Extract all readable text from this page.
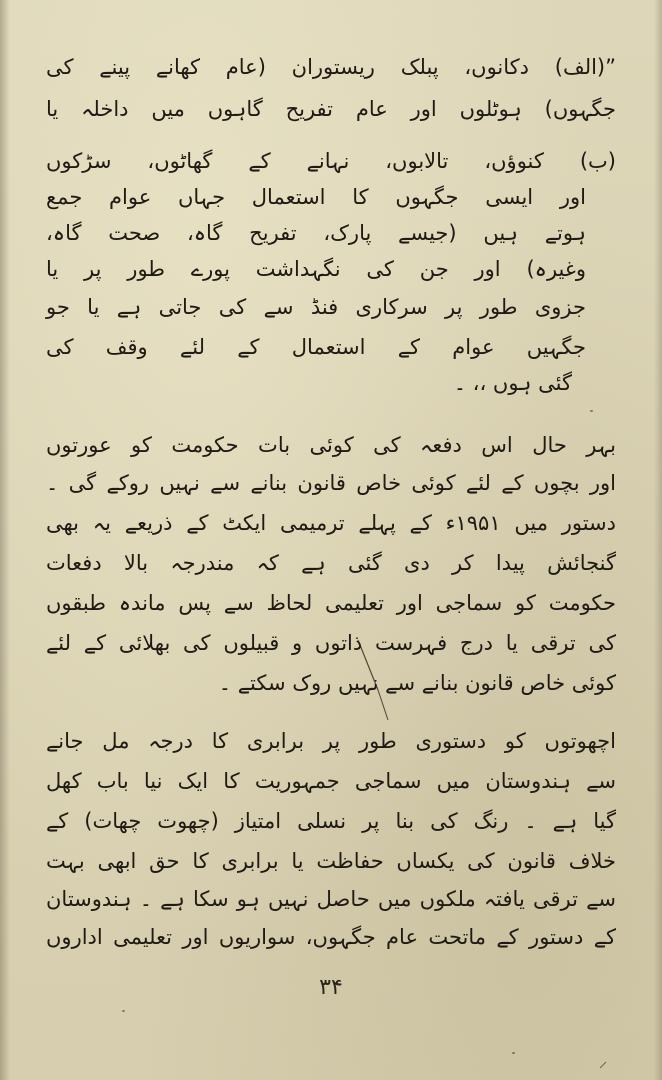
”(الف) دکانوں، پبلک ریستوران (عام کھانے پینے کی
جگہوں) ہوٹلوں اور عام تفریح گاہوں میں داخلہ یا
(ب) کنوؤں، تالابوں، نہانے کے گھاٹوں، سڑکوں
اور ایسی جگہوں کا استعمال جہاں عوام جمع
ہوتے ہیں (جیسے پارک، تفریح گاہ، صحت گاہ،
وغیرہ) اور جن کی نگہداشت پورے طور پر یا
جزوی طور پر سرکاری فنڈ سے کی جاتی ہے یا جو
جگہیں عوام کے استعمال کے لئے وقف کی
گئی ہوں ،، ۔
بہر حال اس دفعہ کی کوئی بات حکومت کو عورتوں
اور بچوں کے لئے کوئی خاص قانون بنانے سے نہیں روکے گی ۔
دستور میں ۱۹۵۱ء کے پہلے ترمیمی ایکٹ کے ذریعے یہ بھی
گنجائش پیدا کر دی گئی ہے کہ مندرجہ بالا دفعات
حکومت کو سماجی اور تعلیمی لحاظ سے پس ماندہ طبقوں
کی ترقی یا درج فہرست ذاتوں و قبیلوں کی بھلائی کے لئے
کوئی خاص قانون بنانے سے نہیں روک سکتے ۔
اچھوتوں کو دستوری طور پر برابری کا درجہ مل جانے
سے ہندوستان میں سماجی جمہوریت کا ایک نیا باب کھل
گیا ہے ۔ رنگ کی بنا پر نسلی امتیاز (چھوت چھات) کے
خلاف قانون کی یکساں حفاظت یا برابری کا حق ابھی بہت
سے ترقی یافتہ ملکوں میں حاصل نہیں ہو سکا ہے ۔ ہندوستان
کے دستور کے ماتحت عام جگہوں، سواریوں اور تعلیمی اداروں
۳۴
